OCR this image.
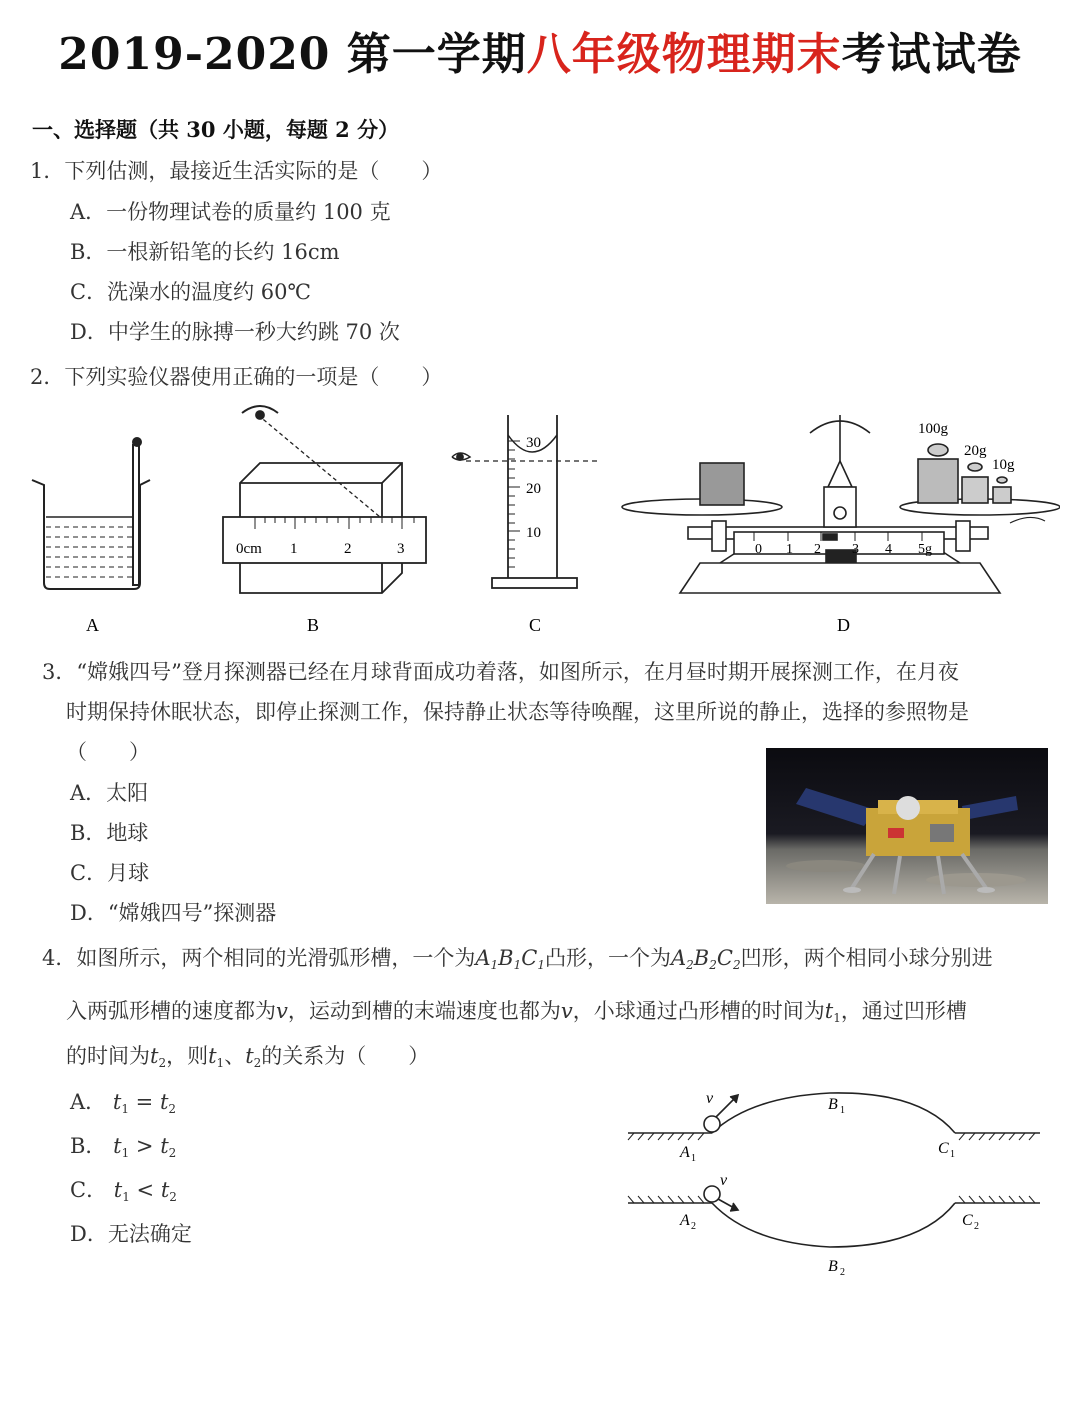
2019-2020 第一学期八年级物理期末考试试卷
一、选择题（共 30 小题，每题 2 分）
1．下列估测，最接近生活实际的是（　　）
A．一份物理试卷的质量约 100 克
B．一根新铅笔的长约 16cm
C．洗澡水的温度约 60℃
D．中学生的脉搏一秒大约跳 70 次
2．下列实验仪器使用正确的一项是（　　）
0cm 1	2	3
30
20
10
0 1 2 3 4 5g
100g
20g
10g
A	B	C	D
3．“嫦娥四号”登月探测器已经在月球背面成功着落，如图所示，在月昼时期开展探测工作，在月夜
时期保持休眠状态，即停止探测工作，保持静止状态等待唤醒，这里所说的静止，选择的参照物是
（　　）
A．太阳
B．地球
C．月球
D．“嫦娥四号”探测器
4．如图所示，两个相同的光滑弧形槽，一个为$A_1B_1C_1$凸形，一个为$A_2B_2C_2$凹形，两个相同小球分别进
入两弧形槽的速度都为v，运动到槽的末端速度也都为v，小球通过凸形槽的时间为$t_1$，通过凹形槽
的时间为$t_2$，则$t_1$、$t_2$的关系为（　　）
A． $t_1 = t_2$
B． $t_1 > t_2$
C． $t_1 < t_2$
D．无法确定
v	B 1
A 1
C 1
v
A 2	C 2
B 2
